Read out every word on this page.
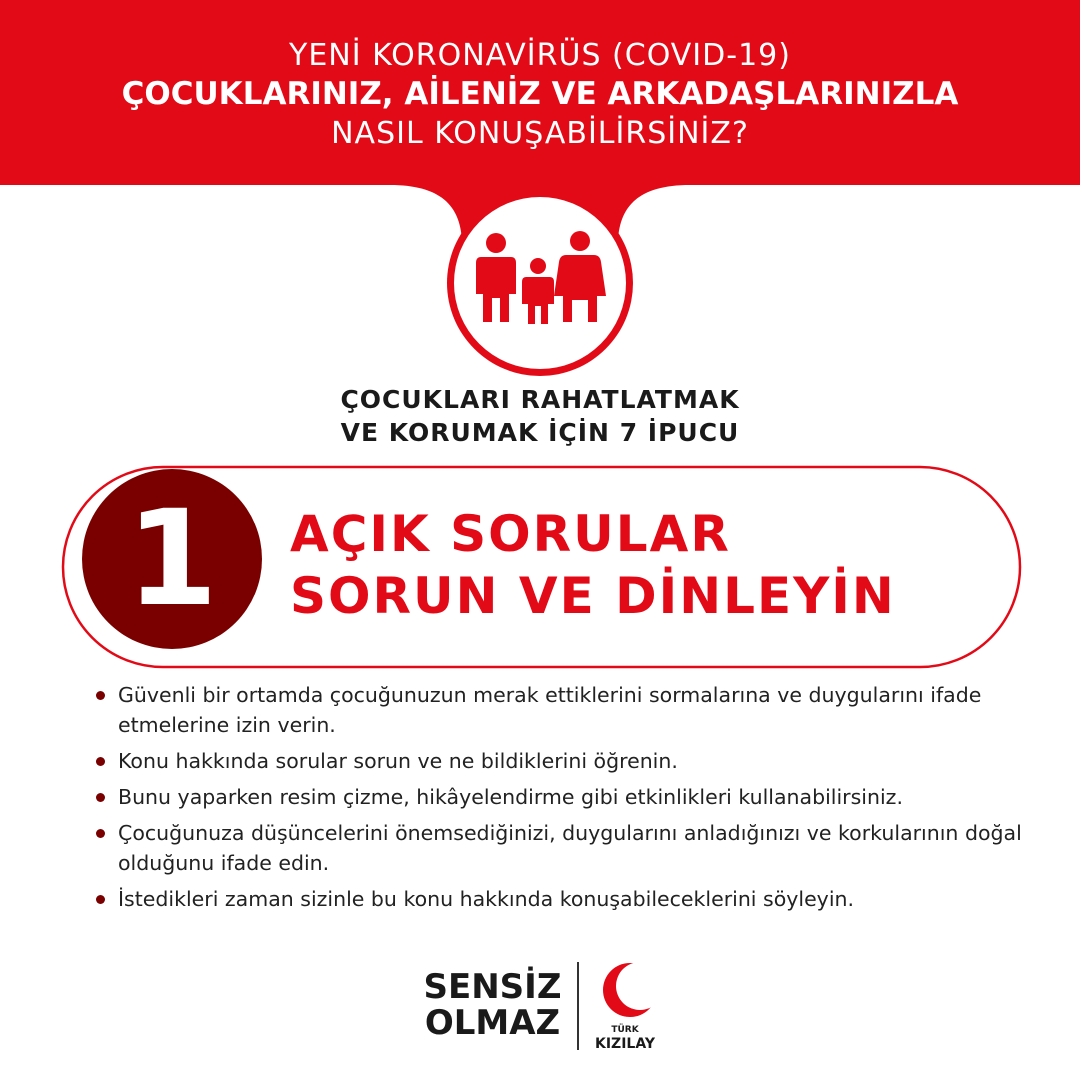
YENİ KORONAVİRÜS (COVID-19)
ÇOCUKLARINIZ, AİLENİZ VE ARKADAŞLARINIZLA
NASIL KONUŞABİLİRSİNİZ?
ÇOCUKLARI RAHATLATMAK
VE KORUMAK İÇİN 7 İPUCU
1	AÇIK SORULAR
SORUN VE DİNLEYİN
Güvenli bir ortamda çocuğunuzun merak ettiklerini sormalarına ve duygularını ifade etmelerine izin verin.
Konu hakkında sorular sorun ve ne bildiklerini öğrenin.
Bunu yaparken resim çizme, hikâyelendirme gibi etkinlikleri kullanabilirsiniz.
Çocuğunuza düşüncelerini önemsediğinizi, duygularını anladığınızı ve korkularının doğal olduğunu ifade edin.
İstedikleri zaman sizinle bu konu hakkında konuşabileceklerini söyleyin.
SENSİZ
OLMAZ	TÜRK
KIZILAY
